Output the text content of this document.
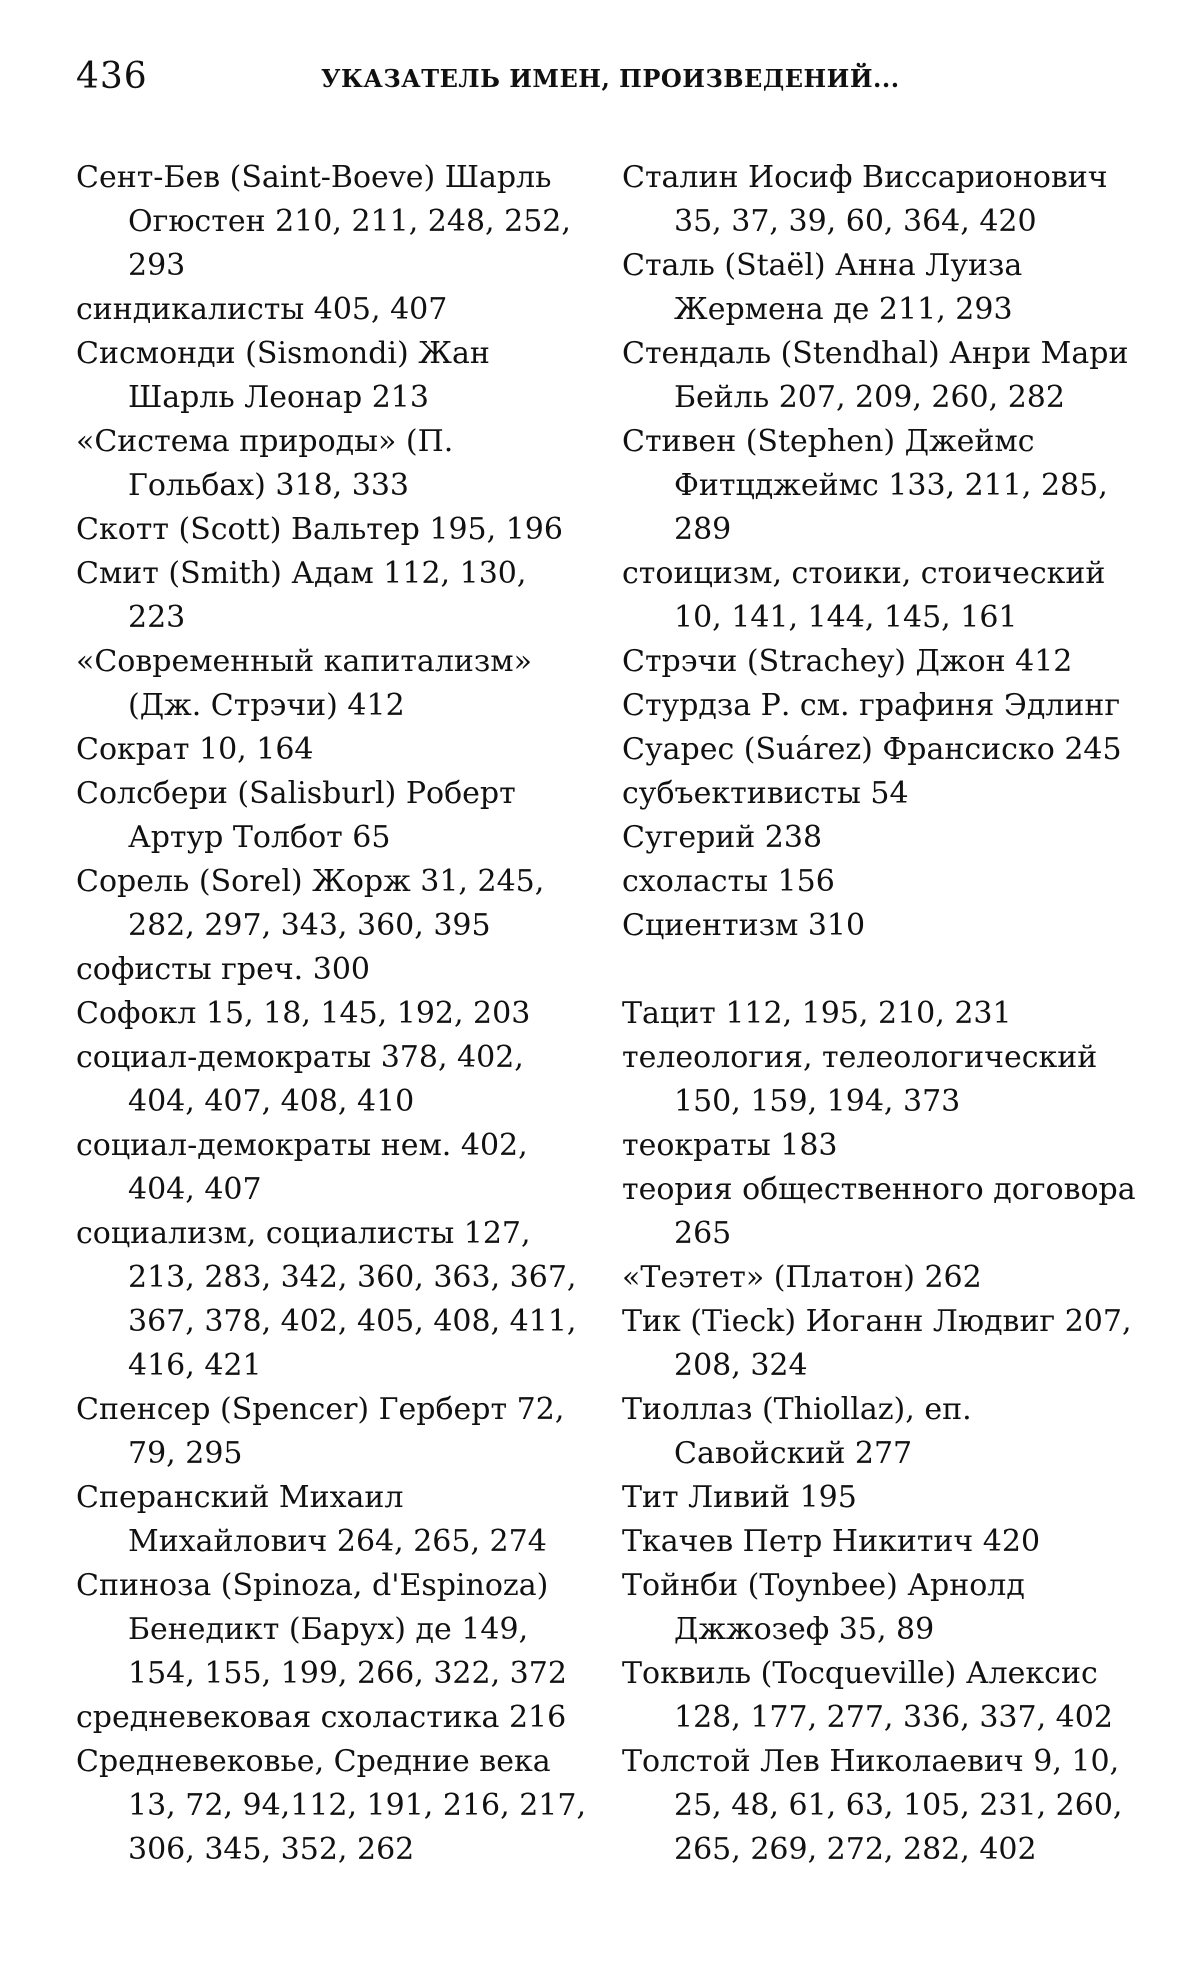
436	УКАЗАТЕЛЬ ИМЕН, ПРОИЗВЕДЕНИЙ...
Сент-Бев (Saint-Boeve) Шарль Огюстен 210, 211, 248, 252, 293
синдикалисты 405, 407
Сисмонди (Sismondi) Жан Шарль Леонар 213
«Система природы» (П. Гольбах) 318, 333
Скотт (Scott) Вальтер 195, 196
Смит (Smith) Адам 112, 130, 223
«Современный капитализм» (Дж. Стрэчи) 412
Сократ 10, 164
Солсбери (Salisburl) Роберт Артур Толбот 65
Сорель (Sorel) Жорж 31, 245, 282, 297, 343, 360, 395
софисты греч. 300
Софокл 15, 18, 145, 192, 203
социал-демократы 378, 402, 404, 407, 408, 410
социал-демократы нем. 402, 404, 407
социализм, социалисты 127, 213, 283, 342, 360, 363, 367, 367, 378, 402, 405, 408, 411, 416, 421
Спенсер (Spencer) Герберт 72, 79, 295
Сперанский Михаил Михайлович 264, 265, 274
Спиноза (Spinoza, d'Espinoza) Бенедикт (Барух) де 149, 154, 155, 199, 266, 322, 372
средневековая схоластика 216
Средневековье, Средние века 13, 72, 94,112, 191, 216, 217, 306, 345, 352, 262
Сталин Иосиф Виссарионович 35, 37, 39, 60, 364, 420
Сталь (Staël) Анна Луиза Жермена де 211, 293
Стендаль (Stendhal) Анри Мари Бейль 207, 209, 260, 282
Стивен (Stephen) Джеймс Фитцджеймс 133, 211, 285, 289
стоицизм, стоики, стоический 10, 141, 144, 145, 161
Стрэчи (Strachey) Джон 412
Стурдза Р. см. графиня Эдлинг
Суарес (Suárez) Франсиско 245
субъективисты 54
Сугерий 238
схоласты 156
Сциентизм 310
Тацит 112, 195, 210, 231
телеология, телеологический 150, 159, 194, 373
теократы 183
теория общественного договора 265
«Теэтет» (Платон) 262
Тик (Tieck) Иоганн Людвиг 207, 208, 324
Тиоллаз (Thiollaz), еп. Савойский 277
Тит Ливий 195
Ткачев Петр Никитич 420
Тойнби (Toynbee) Арнолд Джжозеф 35, 89
Токвиль (Tocqueville) Алексис 128, 177, 277, 336, 337, 402
Толстой Лев Николаевич 9, 10, 25, 48, 61, 63, 105, 231, 260, 265, 269, 272, 282, 402
